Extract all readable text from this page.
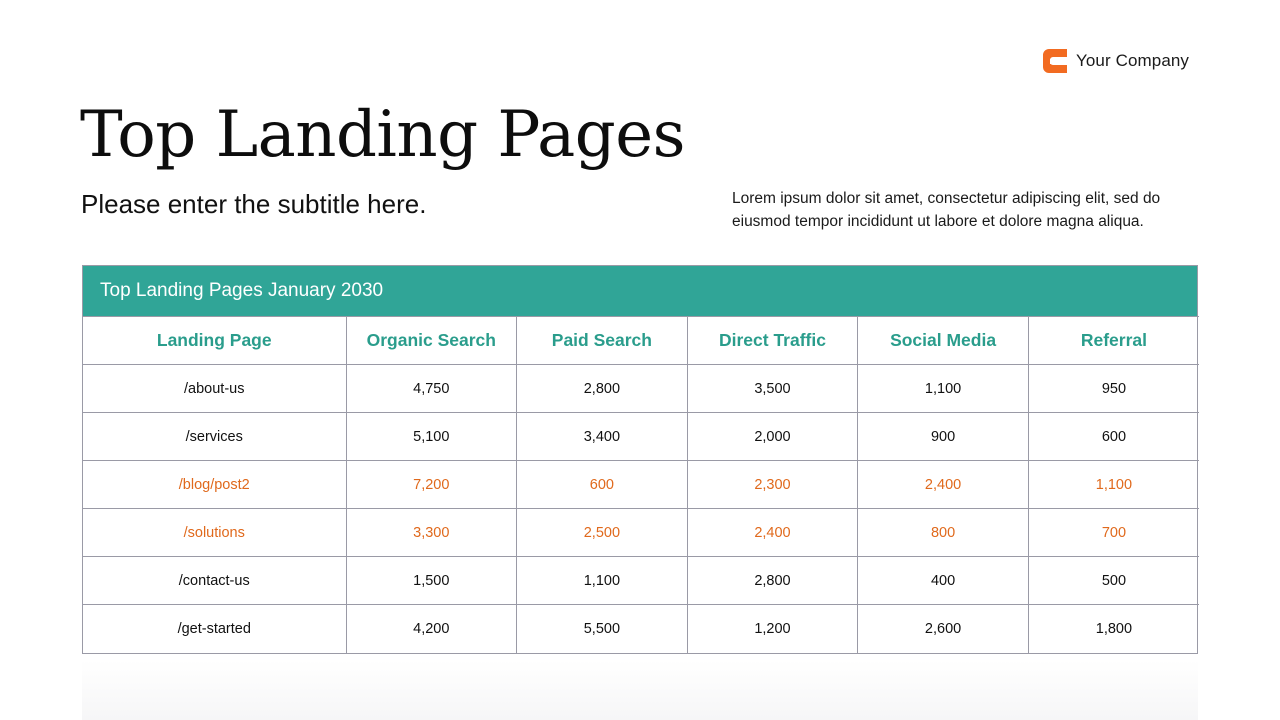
Your Company
Top Landing Pages

Please enter the subtitle here.	Lorem ipsum dolor sit amet, consectetur adipiscing elit, sed do eiusmod tempor incididunt ut labore et dolore magna aliqua.

Top Landing Pages January 2030
Landing Page	Organic Search	Paid Search	Direct Traffic	Social Media	Referral
/about-us	4,750	2,800	3,500	1,100	950
/services	5,100	3,400	2,000	900	600
/blog/post2	7,200	600	2,300	2,400	1,100
/solutions	3,300	2,500	2,400	800	700
/contact-us	1,500	1,100	2,800	400	500
/get-started	4,200	5,500	1,200	2,600	1,800
